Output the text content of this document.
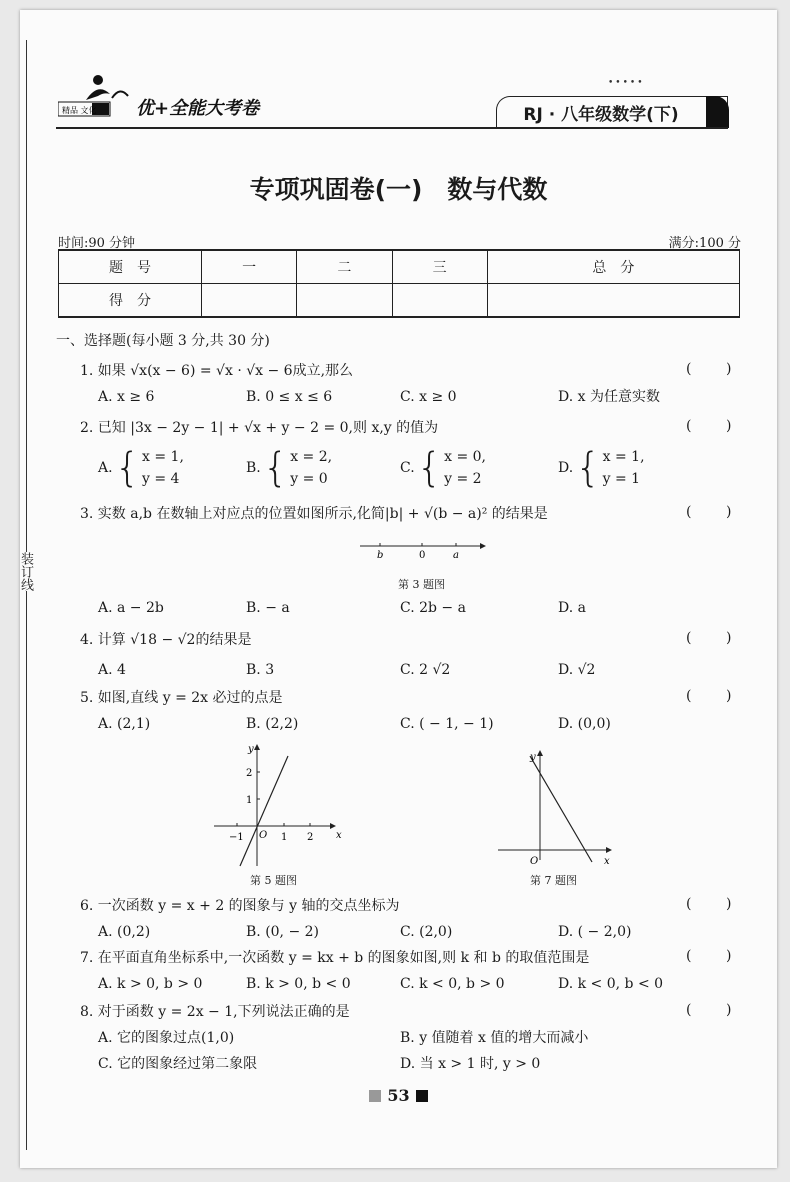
装订线
优+全能大考卷
精品 文化
•••••
RJ · 八年级数学(下)
专项巩固卷(一)　数与代数
时间:90 分钟	满分:100 分
题　号	一	二	三	总　分
得　分				
一、选择题(每小题 3 分,共 30 分)
1. 如果 √x(x − 6) = √x · √x − 6成立,那么	( )
A. x ≥ 6	B. 0 ≤ x ≤ 6	C. x ≥ 0	D. x 为任意实数
2. 已知 |3x − 2y − 1| + √x + y − 2 = 0,则 x,y 的值为	( )
A. { x = 1,
y = 4
B. { x = 2,
y = 0
C. { x = 0,
y = 2
D. { x = 1,
y = 1
3. 实数 a,b 在数轴上对应点的位置如图所示,化简|b| + √(b − a)² 的结果是	( )
b	0	a
第 3 题图
A. a − 2b	B. − a	C. 2b − a	D. a
4. 计算 √18 − √2的结果是	( )
A. 4	B. 3	C. 2 √2	D. √2
5. 如图,直线 y = 2x 必过的点是	( )
A. (2,1)	B. (2,2)	C. ( − 1, − 1)	D. (0,0)
−1	1 2
1
2
O	x
y
第 5 题图
O	x
y
第 7 题图
6. 一次函数 y = x + 2 的图象与 y 轴的交点坐标为	( )
A. (0,2)	B. (0, − 2)	C. (2,0)	D. ( − 2,0)
7. 在平面直角坐标系中,一次函数 y = kx + b 的图象如图,则 k 和 b 的取值范围是	( )
A. k > 0, b > 0	B. k > 0, b < 0	C. k < 0, b > 0	D. k < 0, b < 0
8. 对于函数 y = 2x − 1,下列说法正确的是	( )
A. 它的图象过点(1,0)	B. y 值随着 x 值的增大而减小
C. 它的图象经过第二象限	D. 当 x > 1 时, y > 0
53
